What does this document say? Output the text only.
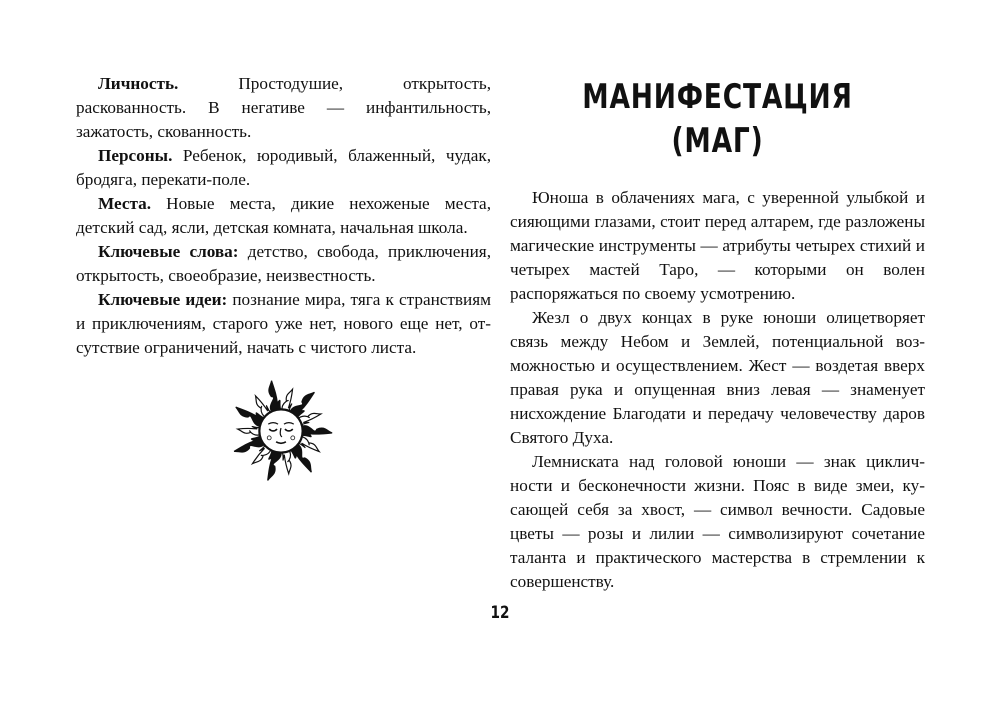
Личность. Простодушие, открытость, раскованность. В негативе — инфантильность, зажатость, скованность.

Персоны. Ребенок, юродивый, блаженный, чудак, бродяга, перекати-поле.

Места. Новые места, дикие нехоженые места, детский сад, ясли, детская комната, начальная школа.

Ключевые слова: детство, свобода, приключения, открытость, своеобразие, неизвестность.

Ключевые идеи: познание мира, тяга к странствиям и приключениям, старого уже нет, нового еще нет, отсутствие ограничений, начать с чистого листа.

МАНИФЕСТАЦИЯ
(МАГ)

Юноша в облачениях мага, с уверенной улыбкой и сияющими глазами, стоит перед алтарем, где разложены магические инструменты — атрибуты четырех стихий и четырех мастей Таро, — которыми он волен распоряжаться по своему усмотрению.

Жезл о двух концах в руке юноши олицетворяет связь между Небом и Землей, потенциальной возможностью и осуществлением. Жест — воздетая вверх правая рука и опущенная вниз левая — знаменует нисхождение Благодати и передачу человечеству даров Святого Духа.

Лемниската над головой юноши — знак цикличности и бесконечности жизни. Пояс в виде змеи, кусающей себя за хвост, — символ вечности. Садовые цветы — розы и лилии — символизируют сочетание таланта и практического мастерства в стремлении к совершенству.

12
